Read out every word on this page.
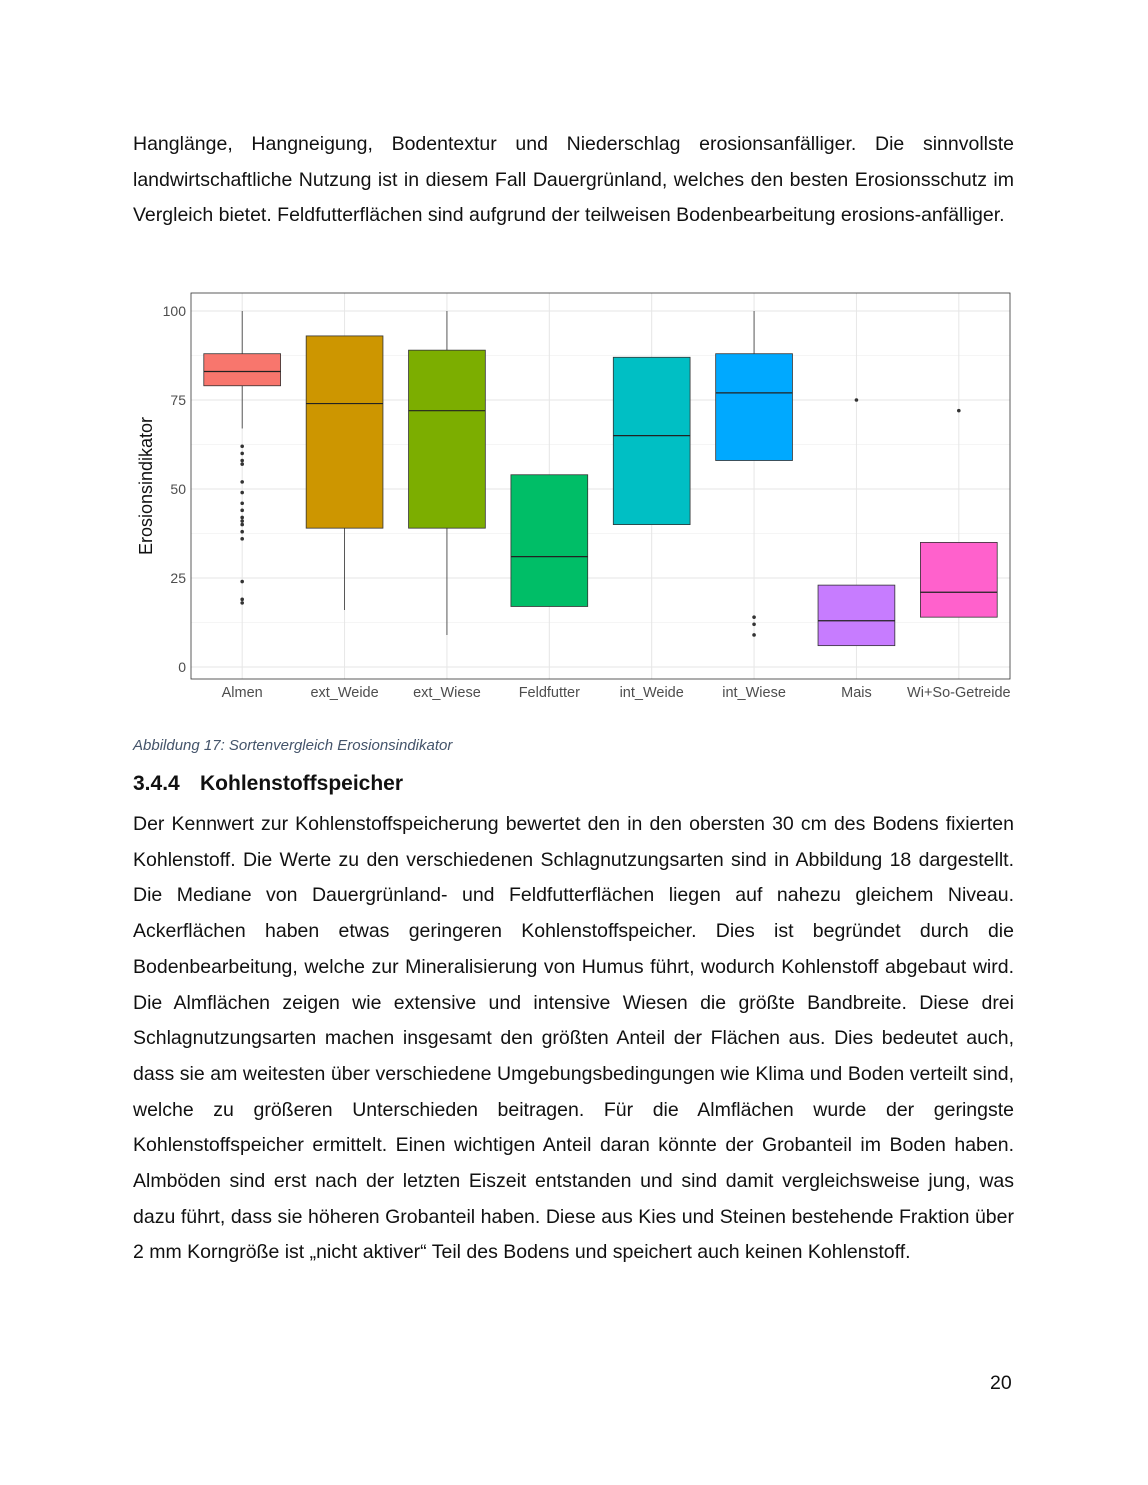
Hanglänge, Hangneigung, Bodentextur und Niederschlag erosionsanfälliger. Die sinnvollste landwirtschaftliche Nutzung ist in diesem Fall Dauergrünland, welches den besten Erosionsschutz im Vergleich bietet. Feldfutterflächen sind aufgrund der teilweisen Bodenbearbeitung erosions-anfälliger.

0
25
50
75
100
Almen	ext_Weide ext_Wiese	Feldfutter	int_Weide	int_Wiese	Mais Wi+So-Getreide
Erosionsindikator
Abbildung 17: Sortenvergleich Erosionsindikator
3.4.4 Kohlenstoffspeicher

Der Kennwert zur Kohlenstoffspeicherung bewertet den in den obersten 30 cm des Bodens fixierten Kohlenstoff. Die Werte zu den verschiedenen Schlagnutzungsarten sind in Abbildung 18 dargestellt. Die Mediane von Dauergrünland- und Feldfutterflächen liegen auf nahezu gleichem Niveau. Ackerflächen haben etwas geringeren Kohlenstoffspeicher. Dies ist begründet durch die Bodenbearbeitung, welche zur Mineralisierung von Humus führt, wodurch Kohlenstoff abgebaut wird. Die Almflächen zeigen wie extensive und intensive Wiesen die größte Bandbreite. Diese drei Schlagnutzungsarten machen insgesamt den größten Anteil der Flächen aus. Dies bedeutet auch, dass sie am weitesten über verschiedene Umgebungsbedingungen wie Klima und Boden verteilt sind, welche zu größeren Unterschieden beitragen. Für die Almflächen wurde der geringste Kohlenstoffspeicher ermittelt. Einen wichtigen Anteil daran könnte der Grobanteil im Boden haben. Almböden sind erst nach der letzten Eiszeit entstanden und sind damit vergleichsweise jung, was dazu führt, dass sie höheren Grobanteil haben. Diese aus Kies und Steinen bestehende Fraktion über 2 mm Korngröße ist „nicht aktiver“ Teil des Bodens und speichert auch keinen Kohlenstoff.

20
